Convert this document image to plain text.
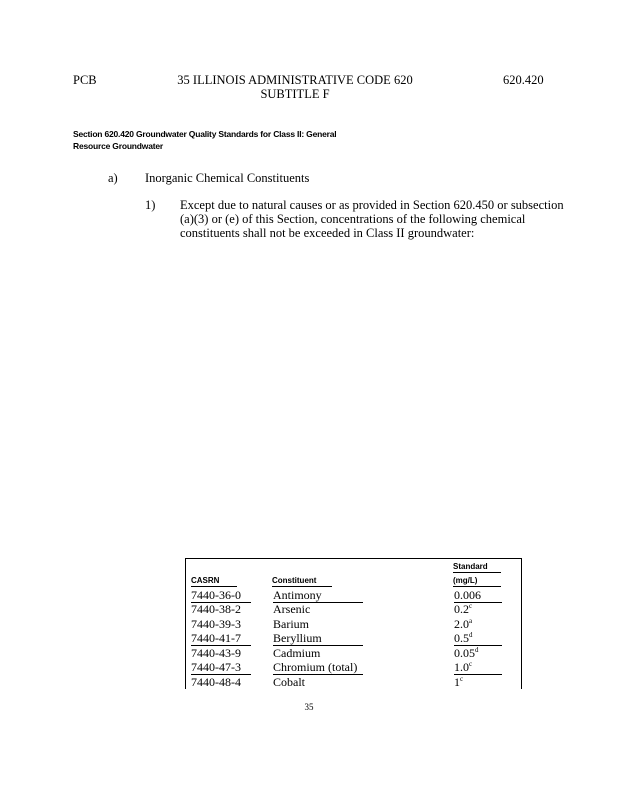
PCB	35 ILLINOIS ADMINISTRATIVE CODE 620
SUBTITLE F
620.420
Section 620.420 Groundwater Quality Standards for Class II: General Resource Groundwater
a) Inorganic Chemical Constituents
1) Except due to natural causes or as provided in Section 620.450 or subsection (a)(3) or (e) of this Section, concentrations of the following chemical constituents shall not be exceeded in Class II groundwater:
Standard
CASRN	Constituent	(mg/L)
7440-36-0	Antimony	0.006
7440-38-2	Arsenic	0.2$^c$
7440-39-3	Barium	2.0$^a$
7440-41-7	Beryllium	0.5$^d$
7440-43-9	Cadmium	0.05$^d$
7440-47-3	Chromium (total)	1.0$^c$
7440-48-4	Cobalt	1$^c$
35
